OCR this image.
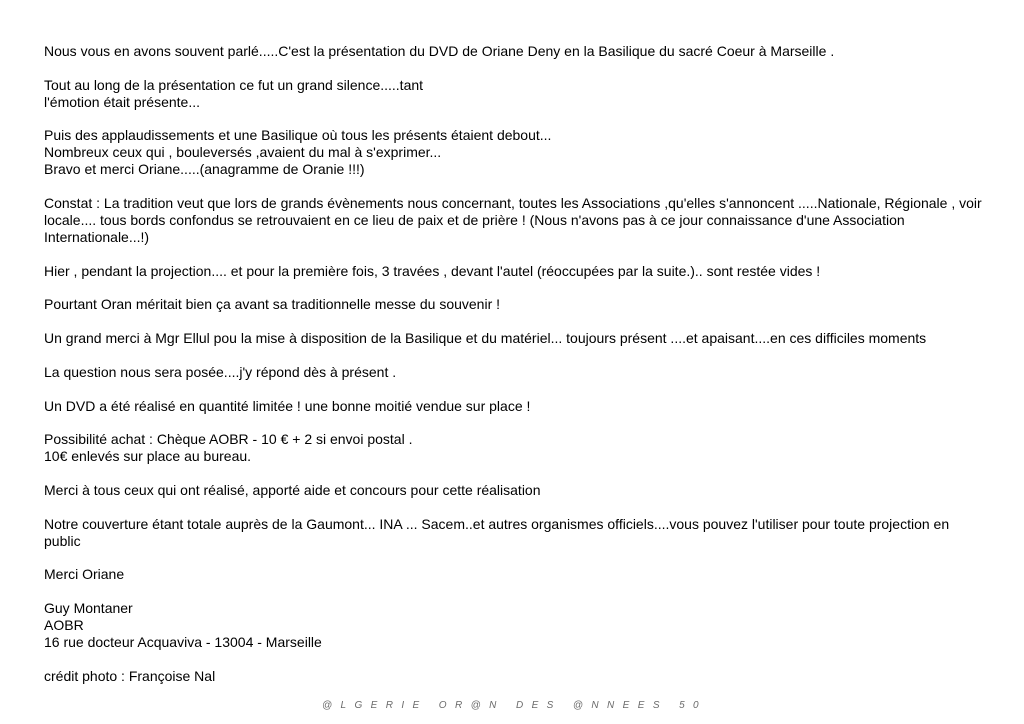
Nous vous en avons souvent parlé.....C'est la présentation du DVD de Oriane Deny en la Basilique du sacré Coeur à Marseille .

Tout au long de la présentation ce fut un grand silence.....tant
l'émotion était présente...

Puis des applaudissements et une Basilique où tous les présents étaient debout...
Nombreux ceux qui , bouleversés ,avaient du mal à s'exprimer...
Bravo et merci Oriane.....(anagramme de Oranie !!!)

Constat : La tradition veut que lors de grands évènements nous concernant, toutes les Associations ,qu'elles s'annoncent .....Nationale, Régionale , voir locale.... tous bords confondus se retrouvaient en ce lieu de paix et de prière ! (Nous n'avons pas à ce jour connaissance d'une Association Internationale...!)

Hier , pendant la projection.... et pour la première fois, 3 travées , devant l'autel (réoccupées par la suite.).. sont restée vides !

Pourtant Oran méritait bien ça avant sa traditionnelle messe du souvenir !

Un grand merci à Mgr Ellul pou la mise à disposition de la Basilique et du matériel... toujours présent ....et apaisant....en ces difficiles moments

La question nous sera posée....j'y répond dès à présent .

Un DVD a été réalisé en quantité limitée ! une bonne moitié vendue sur place !

Possibilité achat : Chèque AOBR - 10 € + 2 si envoi postal .
10€ enlevés sur place au bureau.

Merci à tous ceux qui ont réalisé, apporté aide et concours pour cette réalisation

Notre couverture étant totale auprès de la Gaumont... INA ... Sacem..et autres organismes officiels....vous pouvez l'utiliser pour toute projection en public

Merci Oriane

Guy Montaner
AOBR
16 rue docteur Acquaviva - 13004 - Marseille

crédit photo : Françoise Nal

@LGERIE OR@N DES @NNEES 50
